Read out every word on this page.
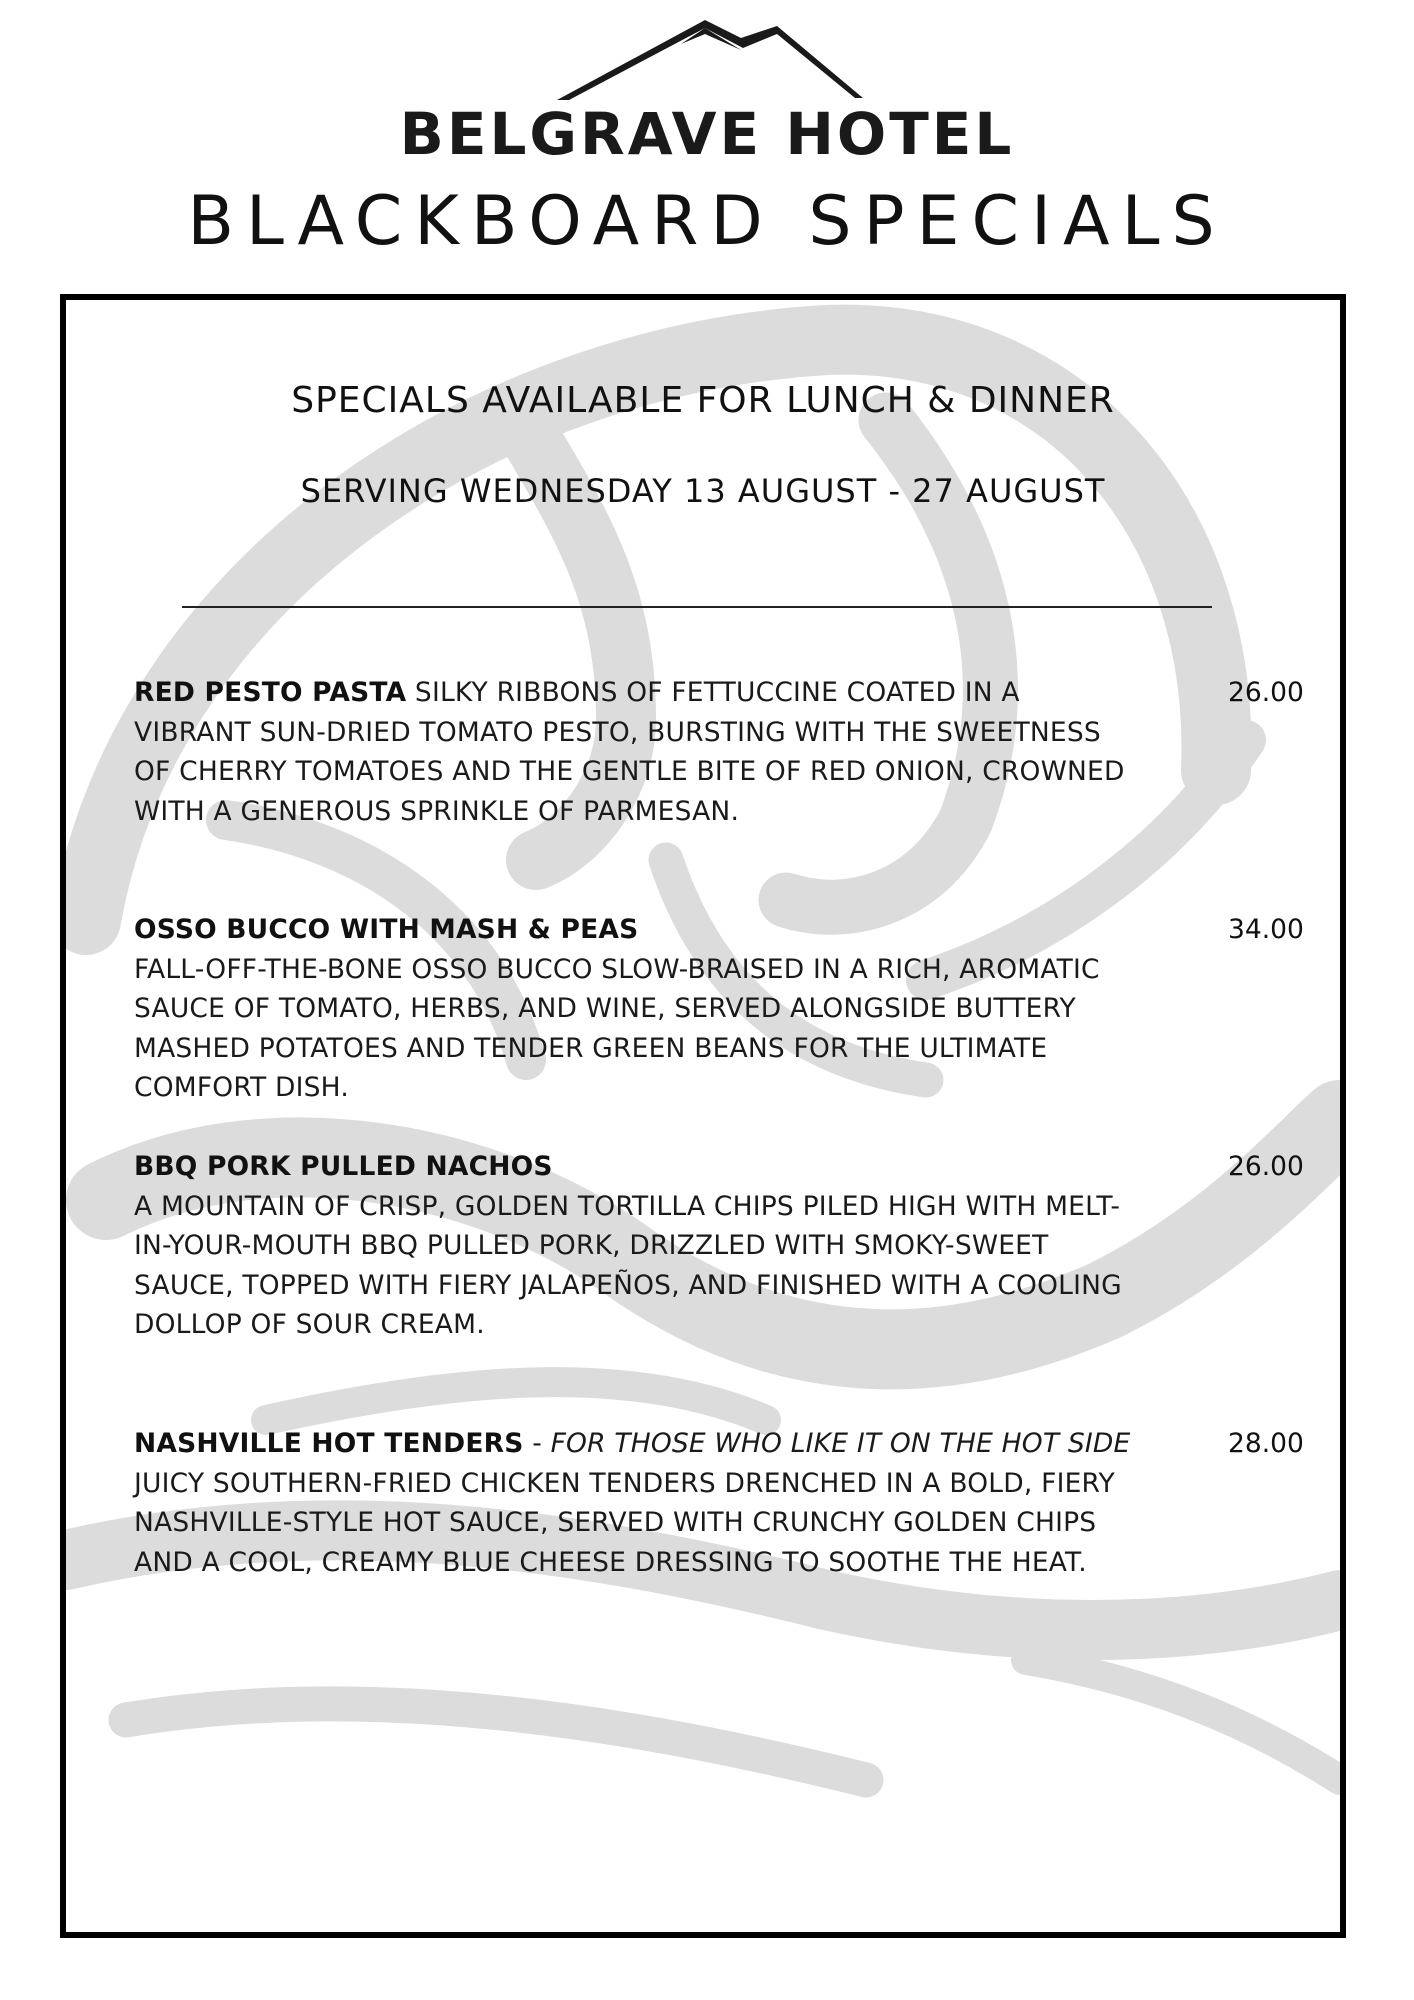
BELGRAVE HOTEL
BLACKBOARD SPECIALS
SPECIALS AVAILABLE FOR LUNCH & DINNER
SERVING WEDNESDAY 13 AUGUST - 27 AUGUST
RED PESTO PASTA SILKY RIBBONS OF FETTUCCINE COATED IN A VIBRANT SUN-DRIED TOMATO PESTO, BURSTING WITH THE SWEETNESS OF CHERRY TOMATOES AND THE GENTLE BITE OF RED ONION, CROWNED WITH A GENEROUS SPRINKLE OF PARMESAN.
26.00
OSSO BUCCO WITH MASH & PEAS
FALL-OFF-THE-BONE OSSO BUCCO SLOW-BRAISED IN A RICH, AROMATIC SAUCE OF TOMATO, HERBS, AND WINE, SERVED ALONGSIDE BUTTERY MASHED POTATOES AND TENDER GREEN BEANS FOR THE ULTIMATE COMFORT DISH.
34.00
BBQ PORK PULLED NACHOS
A MOUNTAIN OF CRISP, GOLDEN TORTILLA CHIPS PILED HIGH WITH MELT-IN-YOUR-MOUTH BBQ PULLED PORK, DRIZZLED WITH SMOKY-SWEET SAUCE, TOPPED WITH FIERY JALAPEÑOS, AND FINISHED WITH A COOLING DOLLOP OF SOUR CREAM.
26.00
NASHVILLE HOT TENDERS - FOR THOSE WHO LIKE IT ON THE HOT SIDE
JUICY SOUTHERN-FRIED CHICKEN TENDERS DRENCHED IN A BOLD, FIERY NASHVILLE-STYLE HOT SAUCE, SERVED WITH CRUNCHY GOLDEN CHIPS AND A COOL, CREAMY BLUE CHEESE DRESSING TO SOOTHE THE HEAT.
28.00
